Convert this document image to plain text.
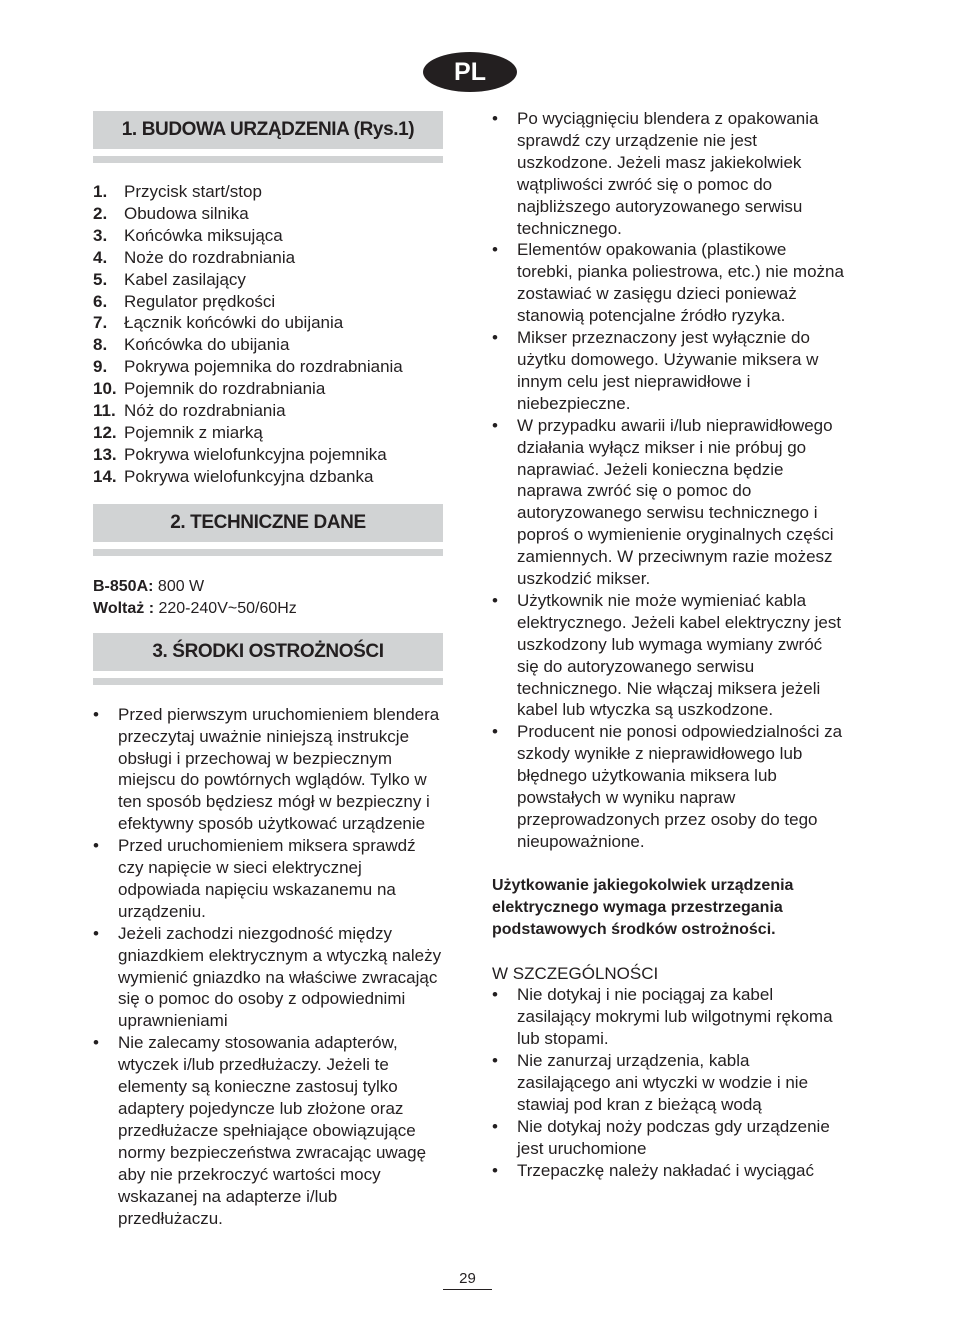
PL
1. BUDOWA URZĄDZENIA (Rys.1)
1. Przycisk start/stop
2. Obudowa silnika
3. Końcówka miksująca
4. Noże do rozdrabniania
5. Kabel zasilający
6. Regulator prędkości
7. Łącznik końcówki do ubijania
8. Końcówka do ubijania
9. Pokrywa pojemnika do rozdrabniania
10. Pojemnik do rozdrabniania
11. Nóż do rozdrabniania
12. Pojemnik z miarką
13. Pokrywa wielofunkcyjna pojemnika
14. Pokrywa wielofunkcyjna dzbanka
2. TECHNICZNE DANE
B-850A: 800 W
Woltaż : 220-240V~50/60Hz
3. ŚRODKI OSTROŻNOŚCI
• Przed pierwszym uruchomieniem blendera przeczytaj uważnie niniejszą instrukcje obsługi i przechowaj w bezpiecznym miejscu do powtórnych wglądów. Tylko w ten sposób będziesz mógł w bezpieczny i efektywny sposób użytkować urządzenie
• Przed uruchomieniem miksera sprawdź czy napięcie w sieci elektrycznej odpowiada napięciu wskazanemu na urządzeniu.
• Jeżeli zachodzi niezgodność między gniazdkiem elektrycznym a wtyczką należy wymienić gniazdko na właściwe zwracając się o pomoc do osoby z odpowiednimi uprawnieniami
• Nie zalecamy stosowania adapterów, wtyczek i/lub przedłużaczy. Jeżeli te elementy są konieczne zastosuj tylko adaptery pojedyncze lub złożone oraz przedłużacze spełniające obowiązujące normy bezpieczeństwa zwracając uwagę aby nie przekroczyć wartości mocy wskazanej na adapterze i/lub przedłużaczu.
• Po wyciągnięciu blendera z opakowania sprawdź czy urządzenie nie jest uszkodzone. Jeżeli masz jakiekolwiek wątpliwości zwróć się o pomoc do najbliższego autoryzowanego serwisu technicznego.
• Elementów opakowania (plastikowe torebki, pianka poliestrowa, etc.) nie można zostawiać w zasięgu dzieci ponieważ stanowią potencjalne źródło ryzyka.
• Mikser przeznaczony jest wyłącznie do użytku domowego. Używanie miksera w innym celu jest nieprawidłowe i niebezpieczne.
• W przypadku awarii i/lub nieprawidłowego działania wyłącz mikser i nie próbuj go naprawiać. Jeżeli konieczna będzie naprawa zwróć się o pomoc do autoryzowanego serwisu technicznego i poproś o wymienienie oryginalnych części zamiennych. W przeciwnym razie możesz uszkodzić mikser.
• Użytkownik nie może wymieniać kabla elektrycznego. Jeżeli kabel elektryczny jest uszkodzony lub wymaga wymiany zwróć się do autoryzowanego serwisu technicznego. Nie włączaj miksera jeżeli kabel lub wtyczka są uszkodzone.
• Producent nie ponosi odpowiedzialności za szkody wynikłe z nieprawidłowego lub błędnego użytkowania miksera lub powstałych w wyniku napraw przeprowadzonych przez osoby do tego nieupoważnione.
Użytkowanie jakiegokolwiek urządzenia elektrycznego wymaga przestrzegania podstawowych środków ostrożności.
W SZCZEGÓLNOŚCI
• Nie dotykaj i nie pociągaj za kabel zasilający mokrymi lub wilgotnymi rękoma lub stopami.
• Nie zanurzaj urządzenia, kabla zasilającego ani wtyczki w wodzie i nie stawiaj pod kran z bieżącą wodą
• Nie dotykaj noży podczas gdy urządzenie jest uruchomione
• Trzepaczkę należy nakładać i wyciągać
29
